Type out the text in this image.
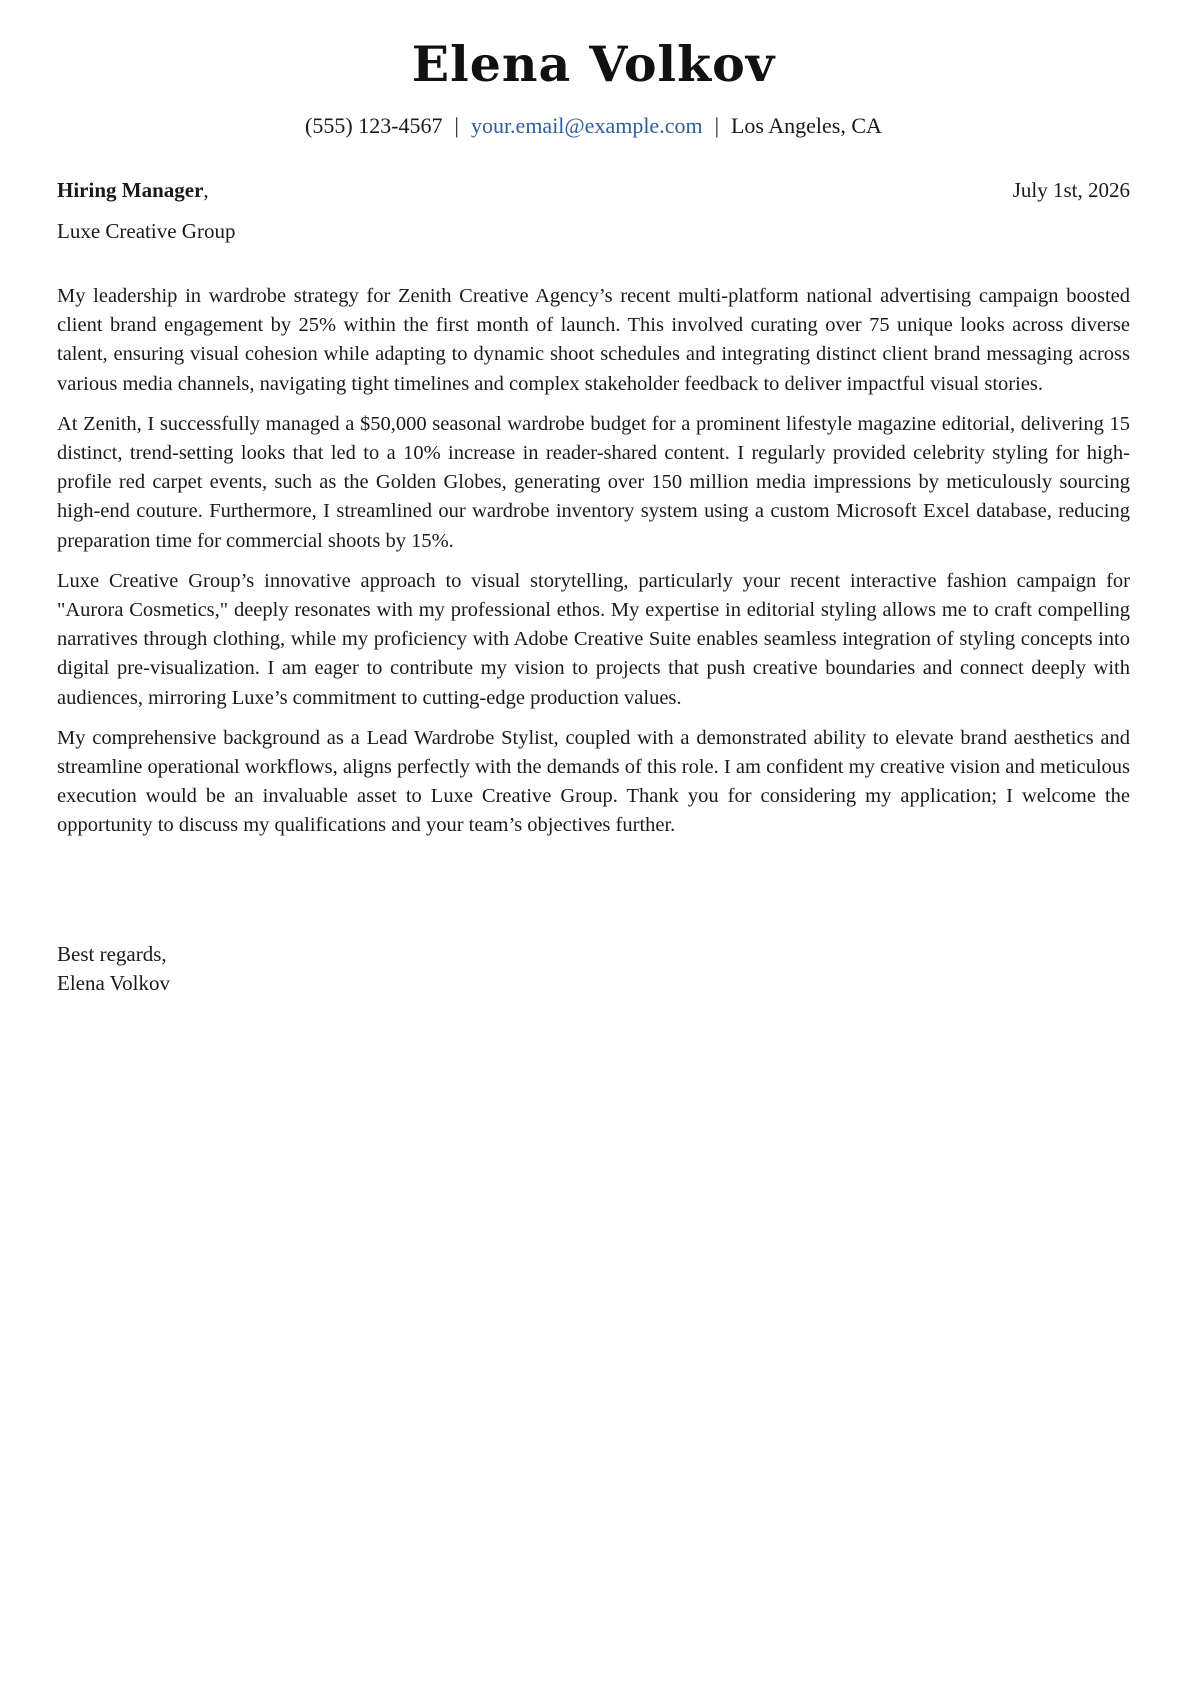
Elena Volkov
(555) 123-4567 | your.email@example.com | Los Angeles, CA
Hiring Manager,	July 1st, 2026
Luxe Creative Group

My leadership in wardrobe strategy for Zenith Creative Agency’s recent multi-platform national advertising campaign boosted client brand engagement by 25% within the first month of launch. This involved curating over 75 unique looks across diverse talent, ensuring visual cohesion while adapting to dynamic shoot schedules and integrating distinct client brand messaging across various media channels, navigating tight timelines and complex stakeholder feedback to deliver impactful visual stories.

At Zenith, I successfully managed a $50,000 seasonal wardrobe budget for a prominent lifestyle magazine editorial, delivering 15 distinct, trend-setting looks that led to a 10% increase in reader-shared content. I regularly provided celebrity styling for high-profile red carpet events, such as the Golden Globes, generating over 150 million media impressions by meticulously sourcing high-end couture. Furthermore, I streamlined our wardrobe inventory system using a custom Microsoft Excel database, reducing preparation time for commercial shoots by 15%.

Luxe Creative Group’s innovative approach to visual storytelling, particularly your recent interactive fashion campaign for "Aurora Cosmetics," deeply resonates with my professional ethos. My expertise in editorial styling allows me to craft compelling narratives through clothing, while my proficiency with Adobe Creative Suite enables seamless integration of styling concepts into digital pre-visualization. I am eager to contribute my vision to projects that push creative boundaries and connect deeply with audiences, mirroring Luxe’s commitment to cutting-edge production values.

My comprehensive background as a Lead Wardrobe Stylist, coupled with a demonstrated ability to elevate brand aesthetics and streamline operational workflows, aligns perfectly with the demands of this role. I am confident my creative vision and meticulous execution would be an invaluable asset to Luxe Creative Group. Thank you for considering my application; I welcome the opportunity to discuss my qualifications and your team’s objectives further.

Best regards,
Elena Volkov
